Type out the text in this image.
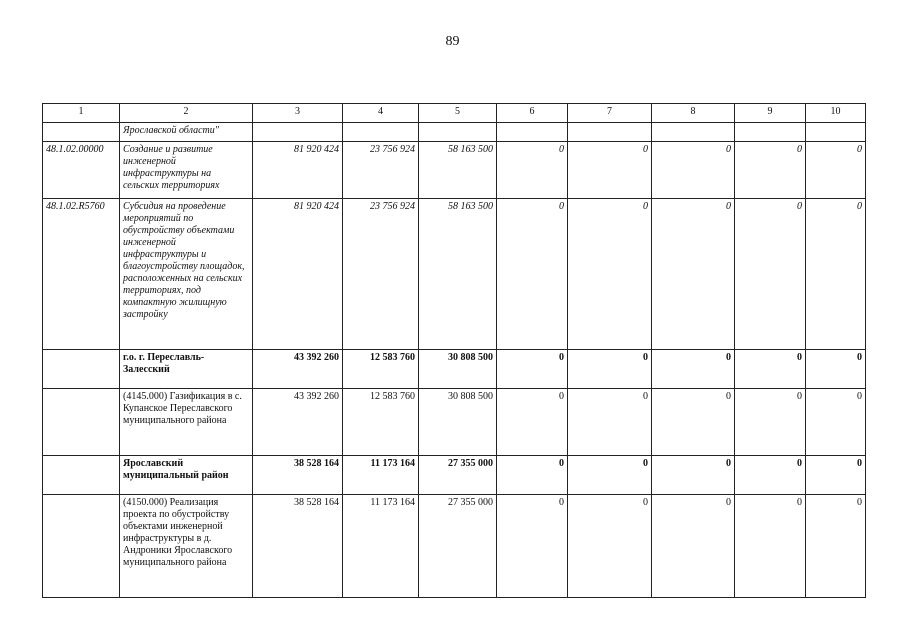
89
1	2	3	4	5	6	7	8	9	10
	Ярославской области"								
48.1.02.00000	Создание и развитие инженерной инфраструктуры на сельских территориях	81 920 424	23 756 924	58 163 500	0	0	0	0	0
48.1.02.R5760	Субсидия на проведение мероприятий по обустройству объектами инженерной инфраструктуры и благоустройству площадок, расположенных на сельских территориях, под компактную жилищную застройку	81 920 424	23 756 924	58 163 500	0	0	0	0	0
	г.о. г. Переславль-Залесский	43 392 260	12 583 760	30 808 500	0	0	0	0	0
	(4145.000) Газификация в с. Купанское Переславского муниципального района	43 392 260	12 583 760	30 808 500	0	0	0	0	0
	Ярославский муниципальный район	38 528 164	11 173 164	27 355 000	0	0	0	0	0
	(4150.000) Реализация проекта по обустройству объектами инженерной инфраструктуры в д. Андроники Ярославского муниципального района	38 528 164	11 173 164	27 355 000	0	0	0	0	0
